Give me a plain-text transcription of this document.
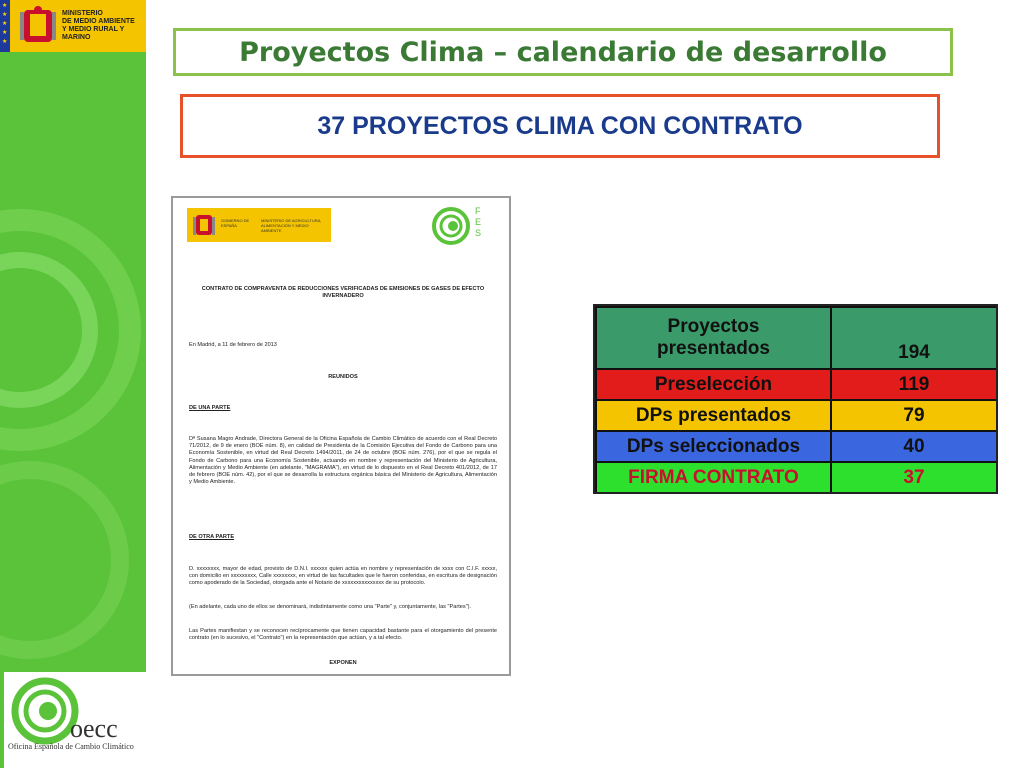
★
★
★
★
★
MINISTERIO
DE MEDIO AMBIENTE
Y MEDIO RURAL Y MARINO
oecc
Oficina Española de Cambio Climático
Proyectos Clima – calendario de desarrollo
37 PROYECTOS CLIMA CON CONTRATO
GOBIERNO DE ESPAÑA
MINISTERIO DE AGRICULTURA, ALIMENTACIÓN Y MEDIO AMBIENTE
FES
CONTRATO DE COMPRAVENTA DE REDUCCIONES VERIFICADAS DE EMISIONES DE GASES DE EFECTO INVERNADERO
En Madrid, a 11 de febrero de 2013
REUNIDOS
DE UNA PARTE
Dª Susana Magro Andrade, Directora General de la Oficina Española de Cambio Climático de acuerdo con el Real Decreto 71/2012, de 9 de enero (BOE núm. 8), en calidad de Presidenta de la Comisión Ejecutiva del Fondo de Carbono para una Economía Sostenible, en virtud del Real Decreto 1494/2011, de 24 de octubre (BOE núm. 276), por el que se regula el Fondo de Carbono para una Economía Sostenible, actuando en nombre y representación del Ministerio de Agricultura, Alimentación y Medio Ambiente (en adelante, "MAGRAMA"), en virtud de lo dispuesto en el Real Decreto 401/2012, de 17 de febrero (BOE núm. 42), por el que se desarrolla la estructura orgánica básica del Ministerio de Agricultura, Alimentación y Medio Ambiente.
DE OTRA PARTE
D. xxxxxxxx, mayor de edad, provisto de D.N.I. xxxxxx quien actúa en nombre y representación de xxxx con C.I.F. xxxxx, con domicilio en xxxxxxxxx, Calle xxxxxxxx, en virtud de las facultades que le fueron conferidas, en escritura de designación como apoderado de la Sociedad, otorgada ante el Notario de xxxxxxxxxxxxxxx de su protocolo.
(En adelante, cada uno de ellos se denominará, indistintamente como una "Parte" y, conjuntamente, las "Partes").
Las Partes manifiestan y se reconocen recíprocamente que tienen capacidad bastante para el otorgamiento del presente contrato (en lo sucesivo, el "Contrato") en la representación que actúan, y a tal efecto.
EXPONEN
Proyectos
presentados	194
Preselección	119
DPs presentados	79
DPs seleccionados	40
FIRMA CONTRATO	37
